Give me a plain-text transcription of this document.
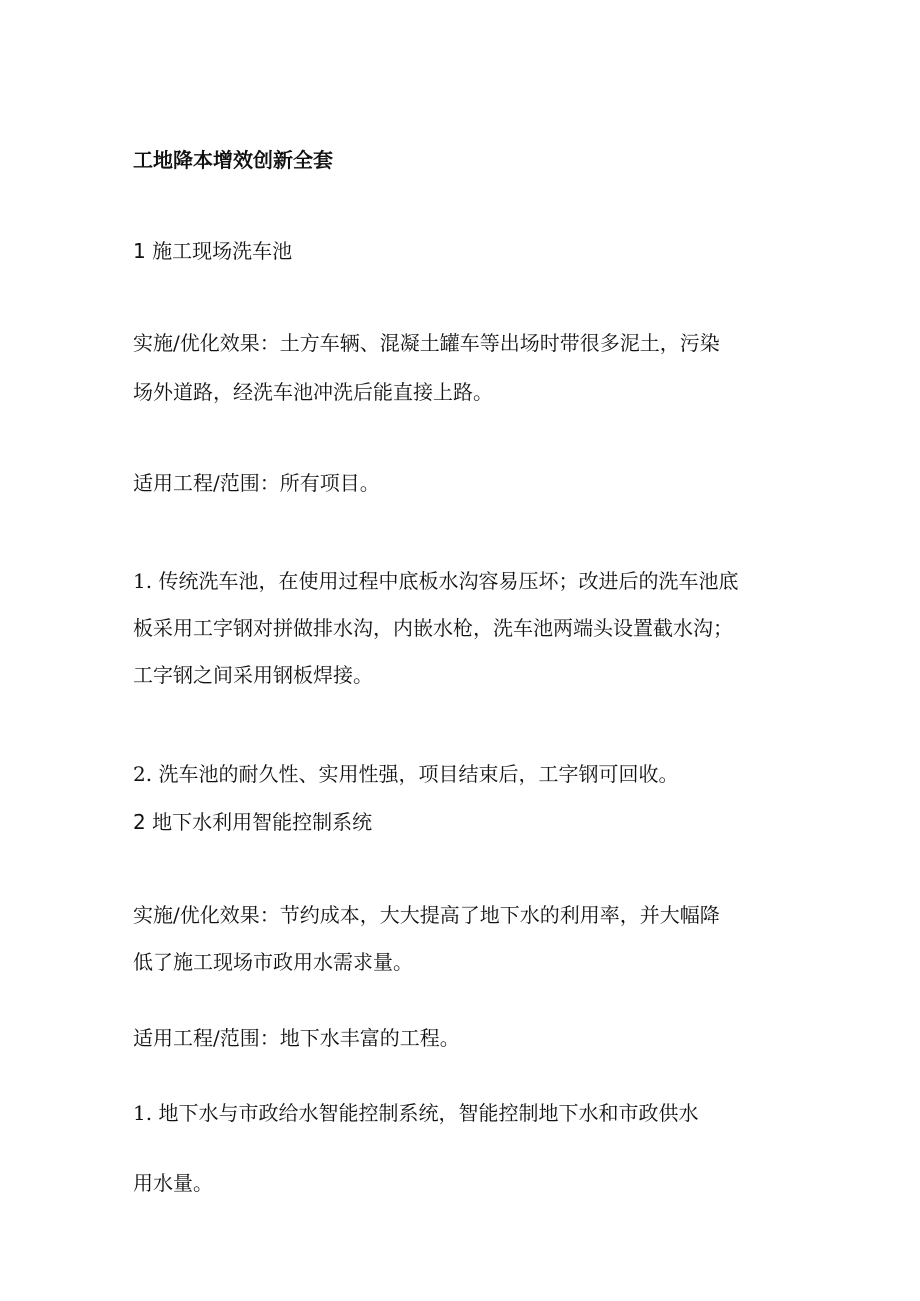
工地降本增效创新全套

1 施工现场洗车池

实施/优化效果：土方车辆、混凝土罐车等出场时带很多泥土，污染

场外道路，经洗车池冲洗后能直接上路。

适用工程/范围：所有项目。

1. 传统洗车池，在使用过程中底板水沟容易压坏；改进后的洗车池底

板采用工字钢对拼做排水沟，内嵌水枪，洗车池两端头设置截水沟；

工字钢之间采用钢板焊接。

2. 洗车池的耐久性、实用性强，项目结束后，工字钢可回收。

2 地下水利用智能控制系统

实施/优化效果：节约成本，大大提高了地下水的利用率，并大幅降

低了施工现场市政用水需求量。

适用工程/范围：地下水丰富的工程。

1. 地下水与市政给水智能控制系统，智能控制地下水和市政供水

用水量。
